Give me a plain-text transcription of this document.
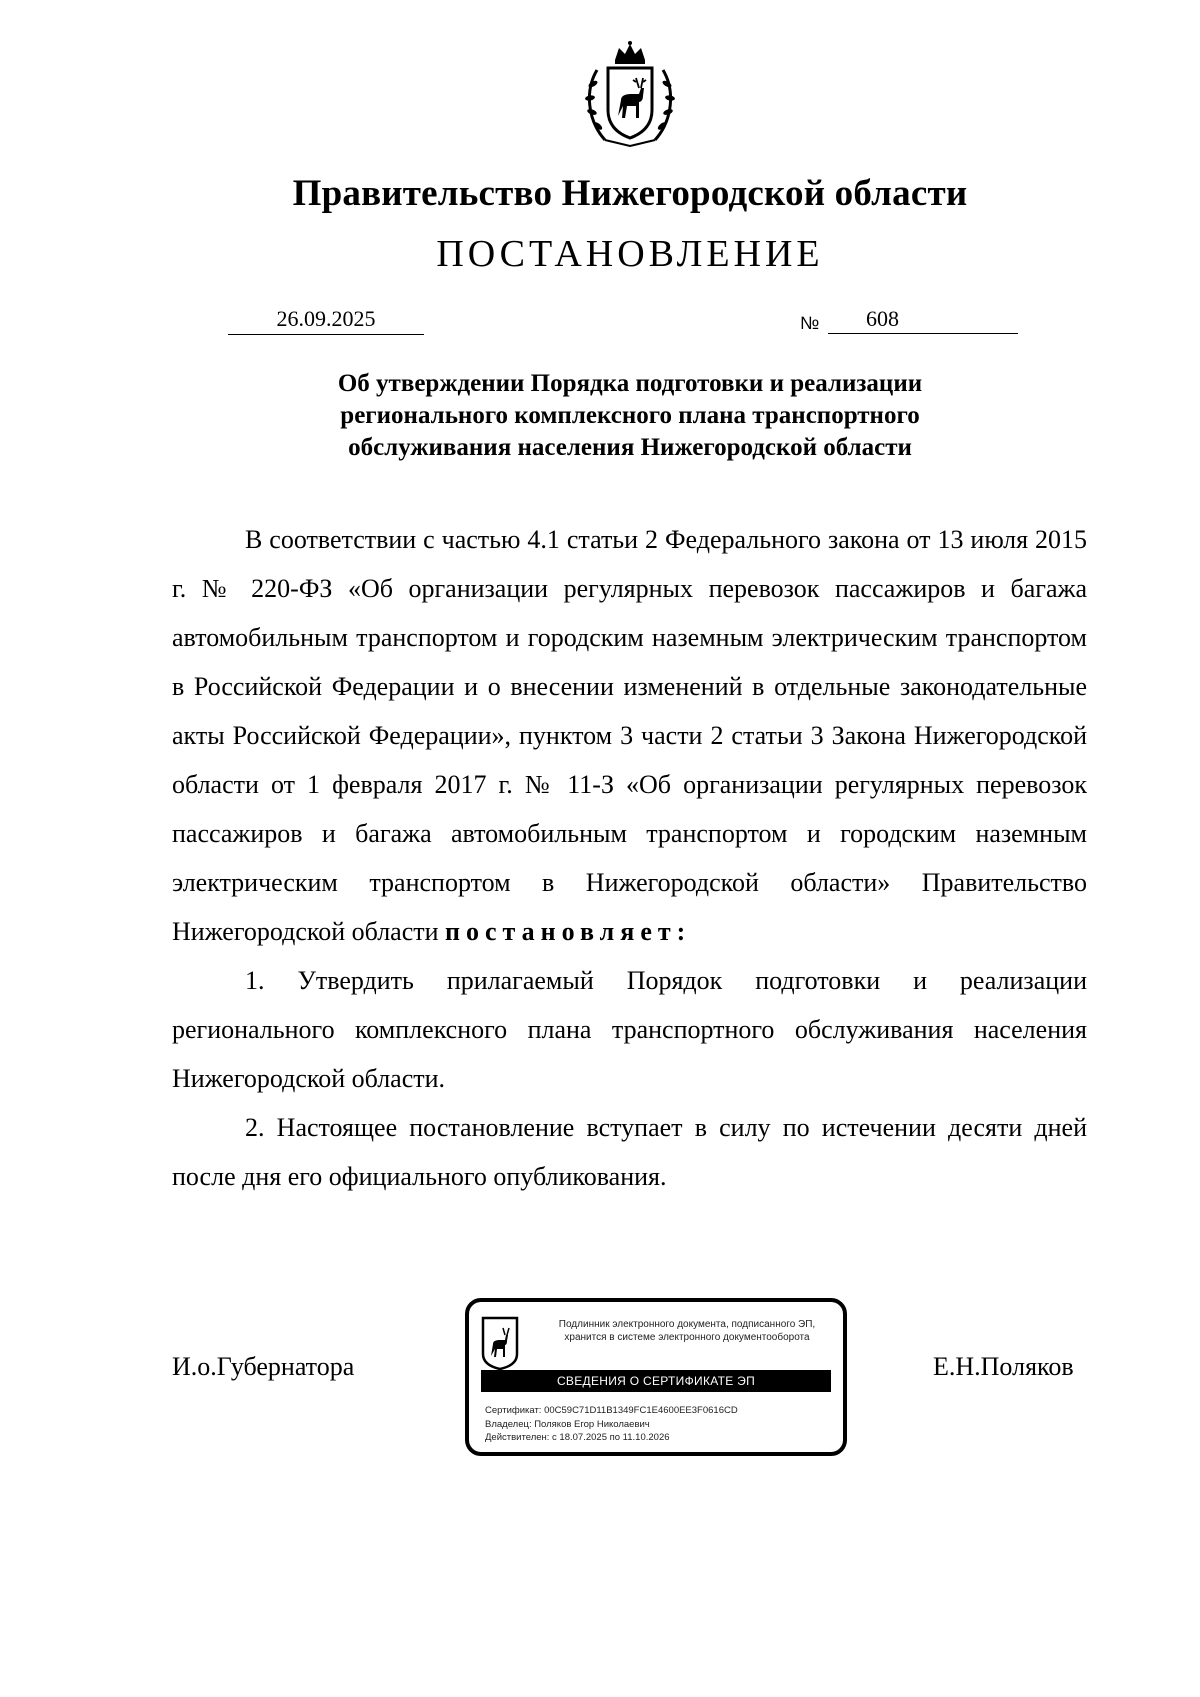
Правительство Нижегородской области
ПОСТАНОВЛЕНИЕ
26.09.2025	№	608
Об утверждении Порядка подготовки и реализации
регионального комплексного плана транспортного
обслуживания населения Нижегородской области

В соответствии с частью 4.1 статьи 2 Федерального закона от 13 июля 2015 г. № 220-ФЗ «Об организации регулярных перевозок пассажиров и багажа автомобильным транспортом и городским наземным электрическим транспортом в Российской Федерации и о внесении изменений в отдельные законодательные акты Российской Федерации», пунктом 3 части 2 статьи 3 Закона Нижегородской области от 1 февраля 2017 г. № 11-З «Об организации регулярных перевозок пассажиров и багажа автомобильным транспортом и городским наземным электрическим транспортом в Нижегородской области» Правительство Нижегородской области постановляет:

1. Утвердить прилагаемый Порядок подготовки и реализации регионального комплексного плана транспортного обслуживания населения Нижегородской области.

2. Настоящее постановление вступает в силу по истечении десяти дней после дня его официального опубликования.

И.о.Губернатора	Е.Н.Поляков
Подлинник электронного документа, подписанного ЭП,
хранится в системе электронного документооборота
СВЕДЕНИЯ О СЕРТИФИКАТЕ ЭП
Сертификат: 00C59C71D11B1349FC1E4600EE3F0616CD
Владелец: Поляков Егор Николаевич
Действителен: с 18.07.2025 по 11.10.2026
